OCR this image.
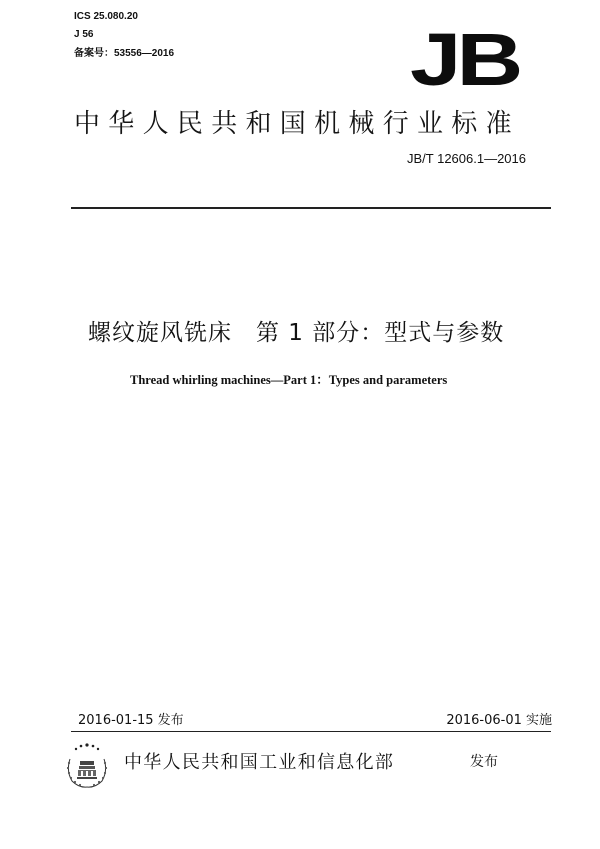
ICS 25.080.20
J 56
备案号：53556—2016	JB
中华人民共和国机械行业标准
JB/T 12606.1—2016
螺纹旋风铣床 第 1 部分：型式与参数
Thread whirling machines—Part 1：Types and parameters
2016-01-15 发布	2016-06-01 实施
中华人民共和国工业和信息化部	发布
